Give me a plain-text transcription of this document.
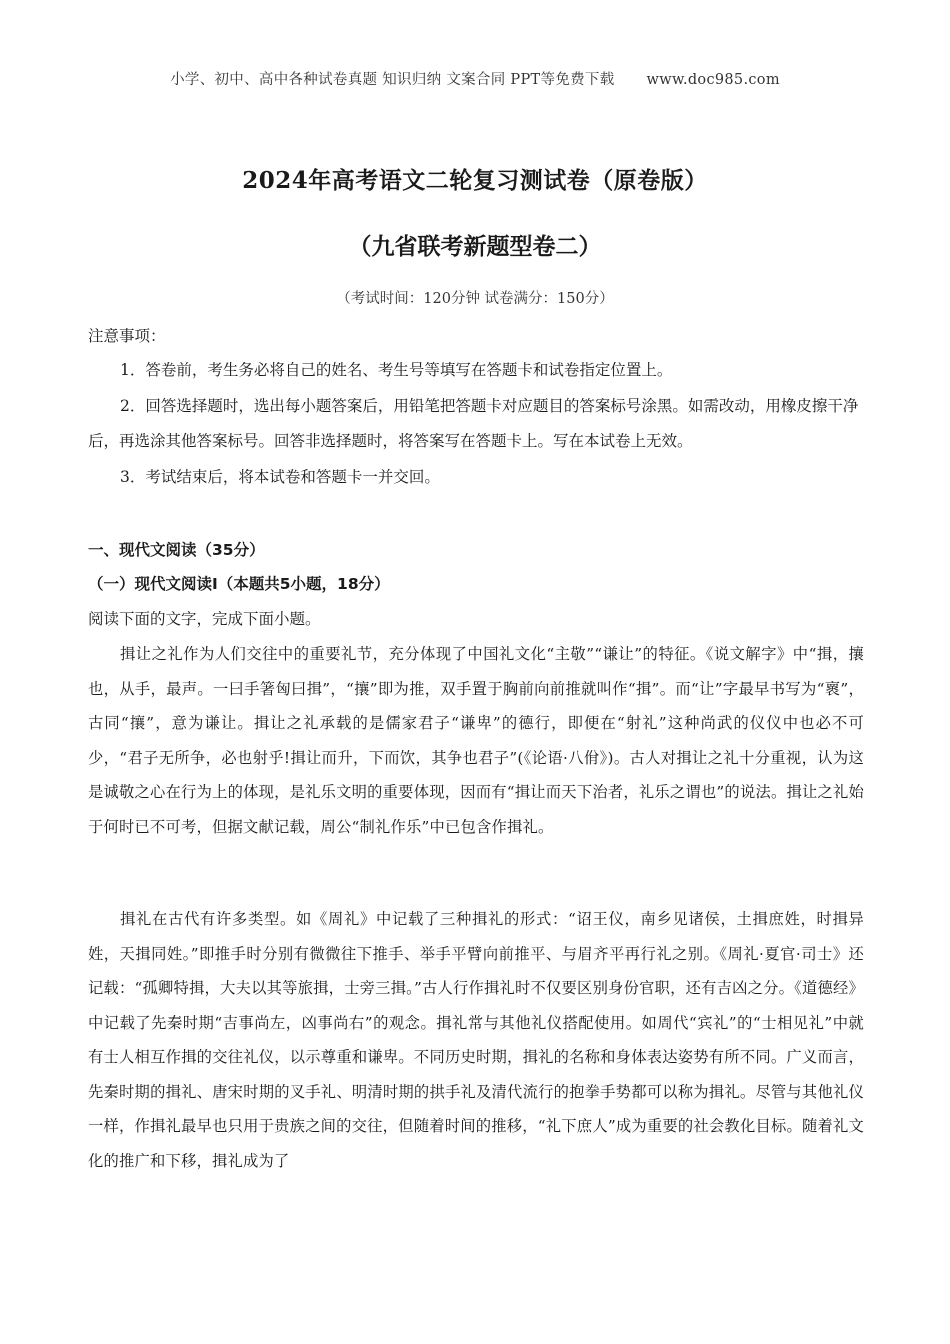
小学、初中、高中各种试卷真题 知识归纳 文案合同 PPT等免费下载 www.doc985.com
2024年高考语文二轮复习测试卷（原卷版）
（九省联考新题型卷二）
（考试时间：120分钟 试卷满分：150分）
注意事项：
1．答卷前，考生务必将自己的姓名、考生号等填写在答题卡和试卷指定位置上。
2．回答选择题时，选出每小题答案后，用铅笔把答题卡对应题目的答案标号涂黑。如需改动，用橡皮擦干净后，再选涂其他答案标号。回答非选择题时，将答案写在答题卡上。写在本试卷上无效。
3．考试结束后，将本试卷和答题卡一并交回。
一、现代文阅读（35分）
（一）现代文阅读Ⅰ（本题共5小题，18分）
阅读下面的文字，完成下面小题。
揖让之礼作为人们交往中的重要礼节，充分体现了中国礼文化“主敬”“谦让”的特征。《说文解字》中“揖，攘也，从手，最声。一曰手箸匈曰揖”，“攘”即为推，双手置于胸前向前推就叫作“揖”。而“让”字最早书写为“褱”，古同“攘”，意为谦让。揖让之礼承载的是儒家君子“谦卑”的德行，即便在“射礼”这种尚武的仪仪中也必不可少，“君子无所争，必也射乎!揖让而升，下而饮，其争也君子”(《论语·八佾》)。古人对揖让之礼十分重视，认为这是诚敬之心在行为上的体现，是礼乐文明的重要体现，因而有“揖让而天下治者，礼乐之谓也”的说法。揖让之礼始于何时已不可考，但据文献记载，周公“制礼作乐”中已包含作揖礼。
揖礼在古代有许多类型。如《周礼》中记载了三种揖礼的形式：“诏王仪，南乡见诸侯，土揖庶姓，时揖异姓，天揖同姓。”即推手时分别有微微往下推手、举手平臂向前推平、与眉齐平再行礼之别。《周礼·夏官·司士》还记载：“孤卿特揖，大夫以其等旅揖，士旁三揖。”古人行作揖礼时不仅要区别身份官职，还有吉凶之分。《道德经》中记载了先秦时期“吉事尚左，凶事尚右”的观念。揖礼常与其他礼仪搭配使用。如周代“宾礼”的“士相见礼”中就有士人相互作揖的交往礼仪，以示尊重和谦卑。不同历史时期，揖礼的名称和身体表达姿势有所不同。广义而言，先秦时期的揖礼、唐宋时期的叉手礼、明清时期的拱手礼及清代流行的抱拳手势都可以称为揖礼。尽管与其他礼仪一样，作揖礼最早也只用于贵族之间的交往，但随着时间的推移，“礼下庶人”成为重要的社会教化目标。随着礼文化的推广和下移，揖礼成为了
